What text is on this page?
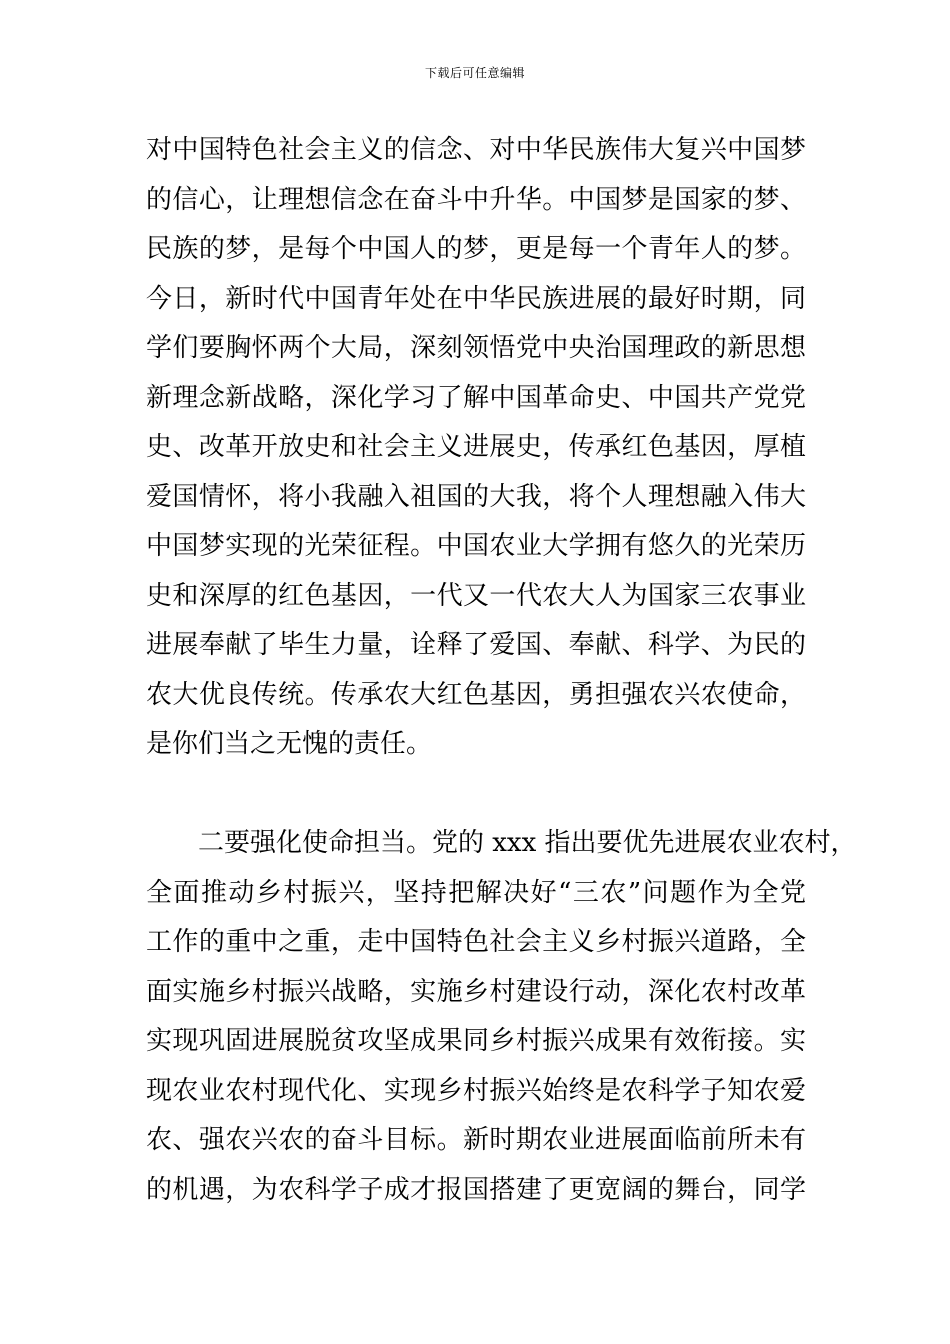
下载后可任意编辑
对中国特色社会主义的信念、对中华民族伟大复兴中国梦
的信心，让理想信念在奋斗中升华。中国梦是国家的梦、
民族的梦，是每个中国人的梦，更是每一个青年人的梦。
今日，新时代中国青年处在中华民族进展的最好时期，同
学们要胸怀两个大局，深刻领悟党中央治国理政的新思想
新理念新战略，深化学习了解中国革命史、中国共产党党
史、改革开放史和社会主义进展史，传承红色基因，厚植
爱国情怀，将小我融入祖国的大我，将个人理想融入伟大
中国梦实现的光荣征程。中国农业大学拥有悠久的光荣历
史和深厚的红色基因，一代又一代农大人为国家三农事业
进展奉献了毕生力量，诠释了爱国、奉献、科学、为民的
农大优良传统。传承农大红色基因，勇担强农兴农使命，
是你们当之无愧的责任。
二要强化使命担当。党的 xxx 指出要优先进展农业农村，
全面推动乡村振兴，坚持把解决好“三农”问题作为全党
工作的重中之重，走中国特色社会主义乡村振兴道路，全
面实施乡村振兴战略，实施乡村建设行动，深化农村改革
实现巩固进展脱贫攻坚成果同乡村振兴成果有效衔接。实
现农业农村现代化、实现乡村振兴始终是农科学子知农爱
农、强农兴农的奋斗目标。新时期农业进展面临前所未有
的机遇，为农科学子成才报国搭建了更宽阔的舞台，同学
